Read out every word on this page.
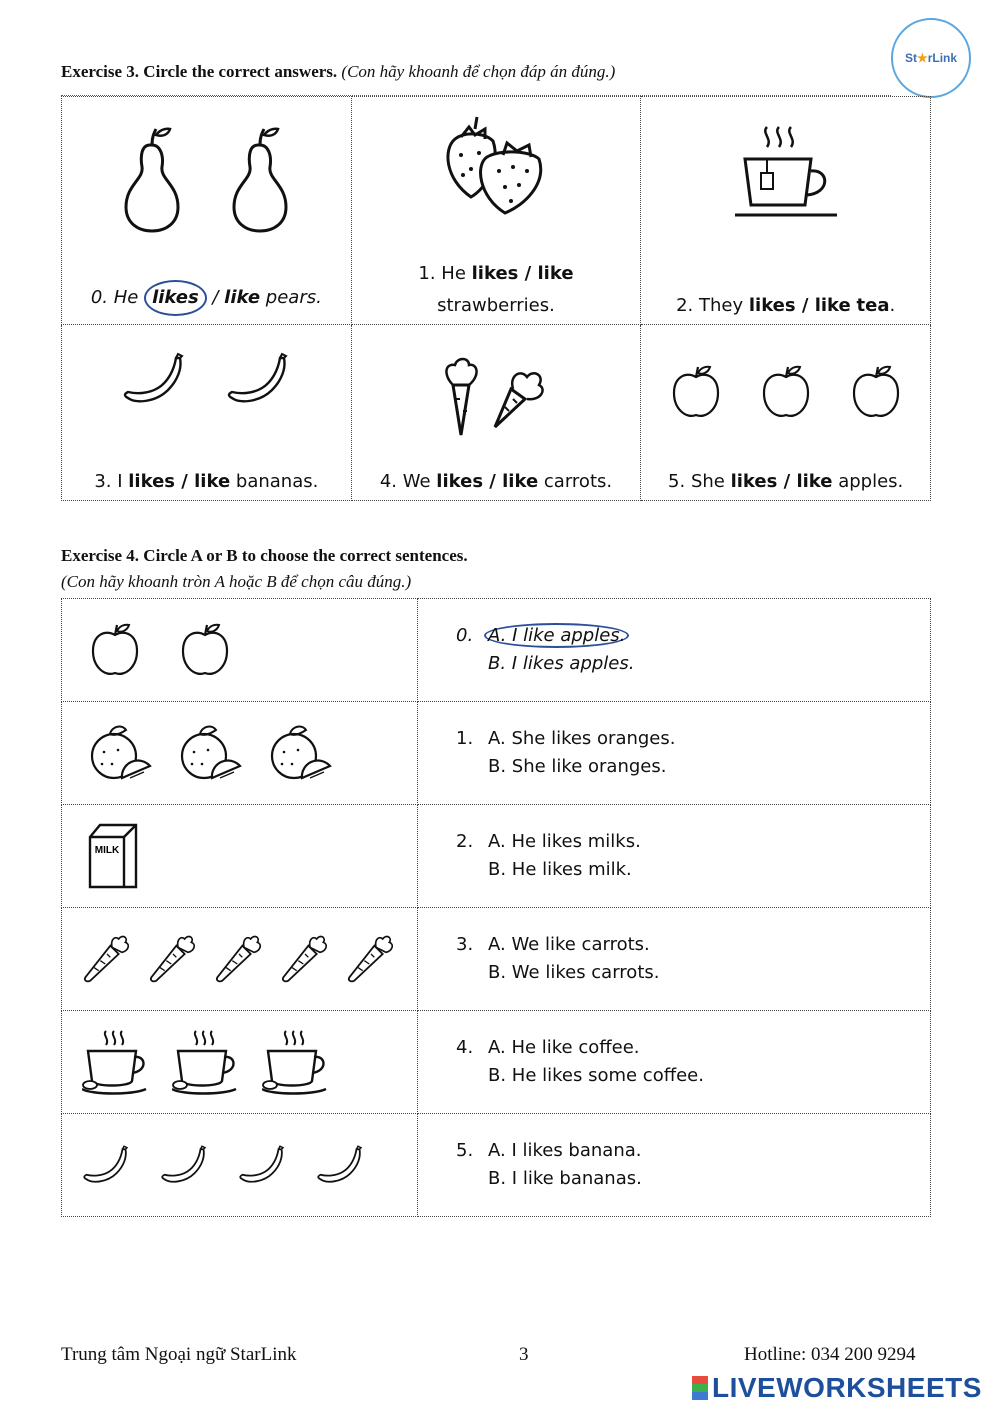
St ★ rLink
Exercise 3. Circle the correct answers. (Con hãy khoanh để chọn đáp án đúng.)
0. He likes / like pears.	1. He likes / like
strawberries.	2. They likes / like tea.

3. I likes / like bananas.	4. We likes / like carrots.	5. She likes / like apples.
Exercise 4. Circle A or B to choose the correct sentences.
(Con hãy khoanh tròn A hoặc B để chọn câu đúng.)

0. A. I like apples.
B. I likes apples.

1. A. She likes oranges.
B. She like oranges.

MILK	2. A. He likes milks.
B. He likes milk.

3. A. We like carrots.
B. We likes carrots.

4. A. He like coffee.
B. He likes some coffee.

5. A. I likes banana.
B. I like bananas.
Trung tâm Ngoại ngữ StarLink	3	Hotline: 034 200 9294
LIVEWORKSHEETS
